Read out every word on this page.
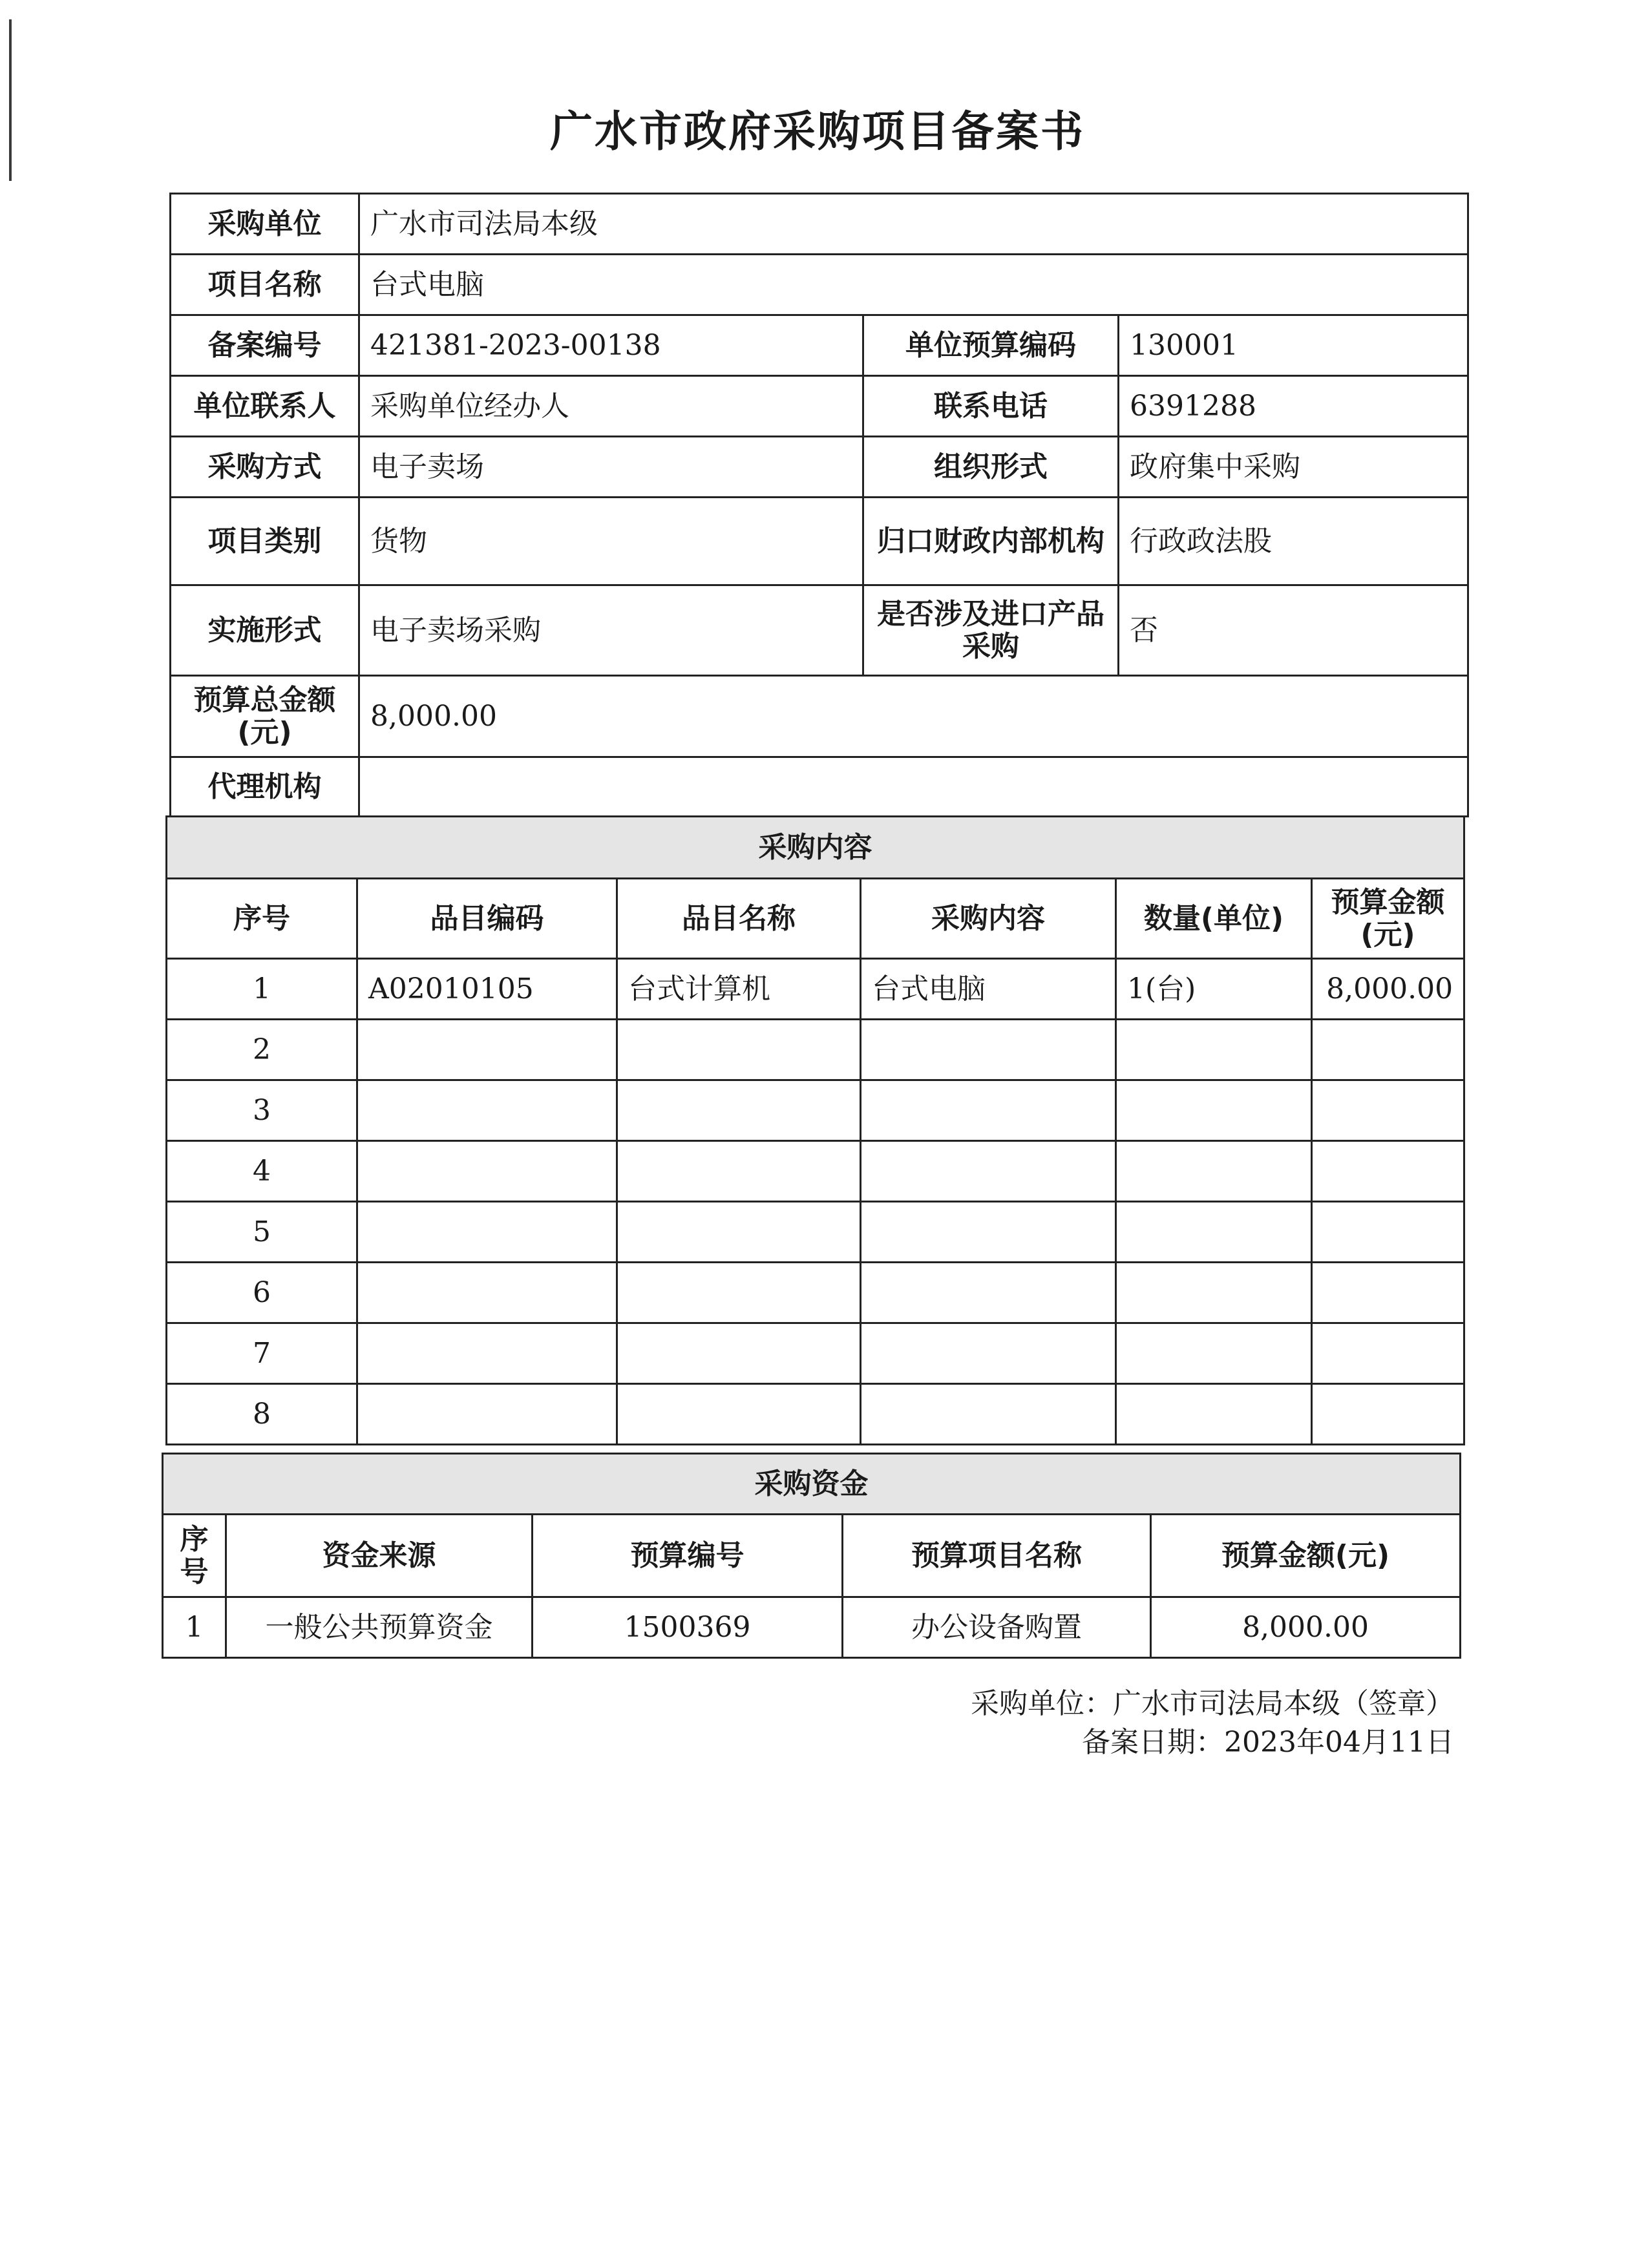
广水市政府采购项目备案书
采购单位	广水市司法局本级		
项目名称	台式电脑		
备案编号	421381-2023-00138	单位预算编码	130001
单位联系人	采购单位经办人	联系电话	6391288
采购方式	电子卖场	组织形式	政府集中采购
项目类别	货物	归口财政内部机构	行政政法股
实施形式	电子卖场采购	是否涉及进口产品采购	否
预算总金额(元)	8,000.00		
代理机构			
采购内容					
序号	品目编码	品目名称	采购内容	数量(单位)	预算金额(元)
1	A02010105	台式计算机	台式电脑	1(台)	8,000.00
2					
3					
4					
5					
6					
7					
8					
采购资金				
序号	资金来源	预算编号	预算项目名称	预算金额(元)
1	一般公共预算资金	1500369	办公设备购置	8,000.00
采购单位：广水市司法局本级（签章）
备案日期：2023年04月11日
